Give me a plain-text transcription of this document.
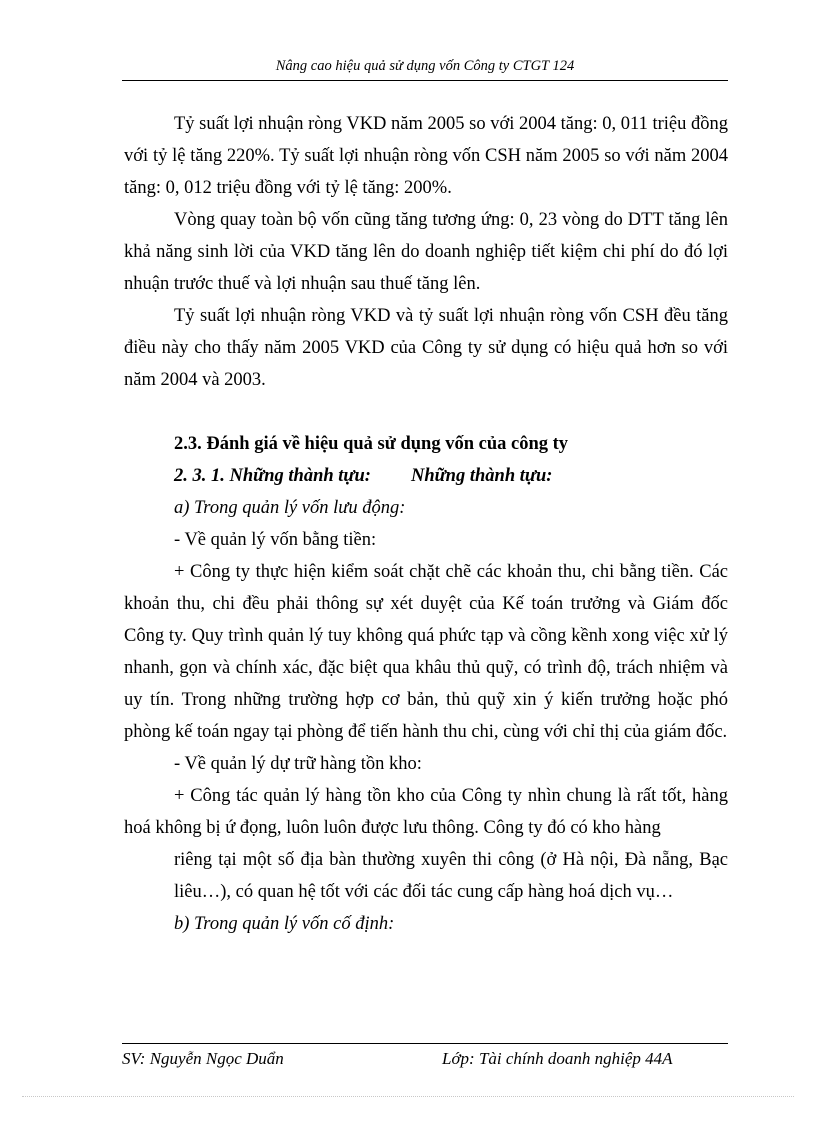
Nâng cao hiệu quả sử dụng vốn Công ty CTGT 124

Tỷ suất lợi nhuận ròng VKD năm 2005 so với 2004 tăng: 0, 011 triệu đồng với tỷ lệ tăng 220%. Tỷ suất lợi nhuận ròng vốn CSH năm 2005 so với năm 2004 tăng: 0, 012 triệu đồng với tỷ lệ tăng: 200%.

Vòng quay toàn bộ vốn cũng tăng tương ứng: 0, 23 vòng do DTT tăng lên khả năng sinh lời của VKD tăng lên do doanh nghiệp tiết kiệm chi phí do đó lợi nhuận trước thuế và lợi nhuận sau thuế tăng lên.

Tỷ suất lợi nhuận ròng VKD và tỷ suất lợi nhuận ròng vốn CSH đều tăng điều này cho thấy năm 2005 VKD của Công ty sử dụng có hiệu quả hơn so với năm 2004 và 2003.

2.3. Đánh giá về hiệu quả sử dụng vốn của công ty

2. 3. 1. Những thành tựu: Những thành tựu:

a) Trong quản lý vốn lưu động:

- Về quản lý vốn bằng tiền:

+ Công ty thực hiện kiểm soát chặt chẽ các khoản thu, chi bằng tiền. Các khoản thu, chi đều phải thông sự xét duyệt của Kế toán trưởng và Giám đốc Công ty. Quy trình quản lý tuy không quá phức tạp và cồng kềnh xong việc xử lý nhanh, gọn và chính xác, đặc biệt qua khâu thủ quỹ, có trình độ, trách nhiệm và uy tín. Trong những trường hợp cơ bản, thủ quỹ xin ý kiến trưởng hoặc phó phòng kế toán ngay tại phòng để tiến hành thu chi, cùng với chỉ thị của giám đốc.

- Về quản lý dự trữ hàng tồn kho:

+ Công tác quản lý hàng tồn kho của Công ty nhìn chung là rất tốt, hàng hoá không bị ứ đọng, luôn luôn được lưu thông. Công ty đó có kho hàng

riêng tại một số địa bàn thường xuyên thi công (ở Hà nội, Đà nẵng, Bạc liêu…), có quan hệ tốt với các đối tác cung cấp hàng hoá dịch vụ…

b) Trong quản lý vốn cố định:

SV: Nguyễn Ngọc Duẩn	Lớp: Tài chính doanh nghiệp 44A
